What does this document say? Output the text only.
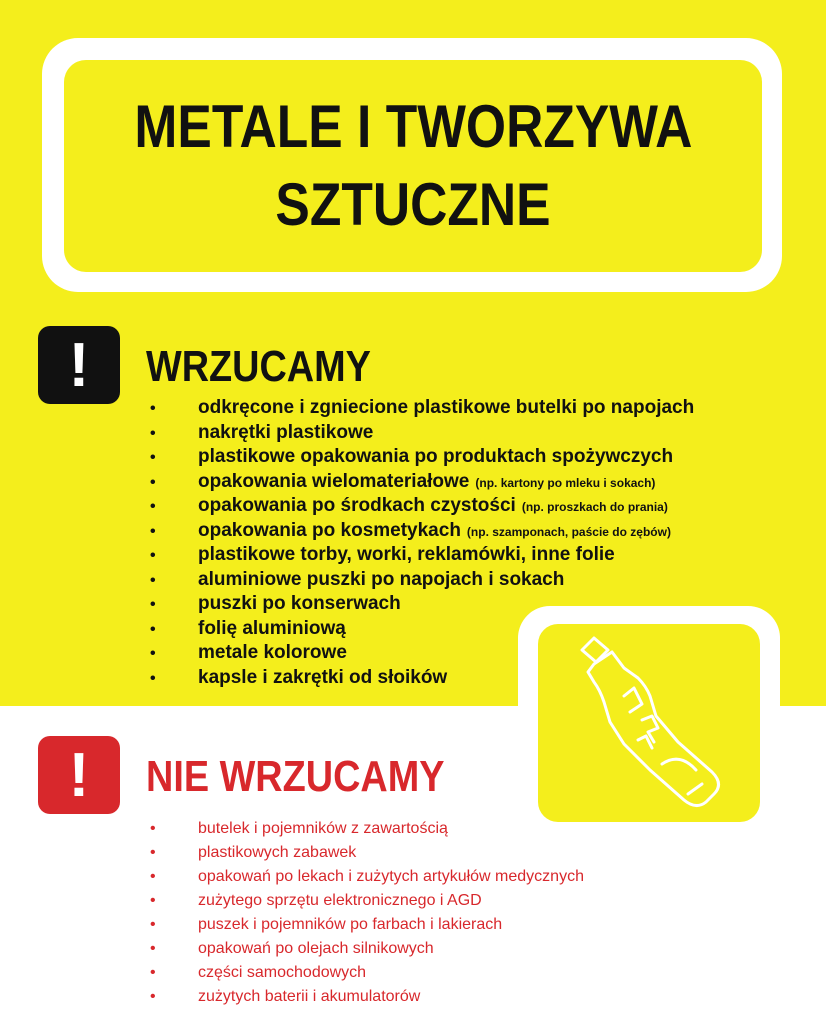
METALE I TWORZYWA
SZTUCZNE
!	WRZUCAMY
•	odkręcone i zgniecione plastikowe butelki po napojach
•	nakrętki plastikowe
•	plastikowe opakowania po produktach spożywczych
•	opakowania wielomateriałowe (np. kartony po mleku i sokach)
•	opakowania po środkach czystości (np. proszkach do prania)
•	opakowania po kosmetykach (np. szamponach, paście do zębów)
•	plastikowe torby, worki, reklamówki, inne folie
•	aluminiowe puszki po napojach i sokach
•	puszki po konserwach
•	folię aluminiową
•	metale kolorowe
•	kapsle i zakrętki od słoików
!	NIE WRZUCAMY
•	butelek i pojemników z zawartością
•	plastikowych zabawek
•	opakowań po lekach i zużytych artykułów medycznych
•	zużytego sprzętu elektronicznego i AGD
•	puszek i pojemników po farbach i lakierach
•	opakowań po olejach silnikowych
•	części samochodowych
•	zużytych baterii i akumulatorów
